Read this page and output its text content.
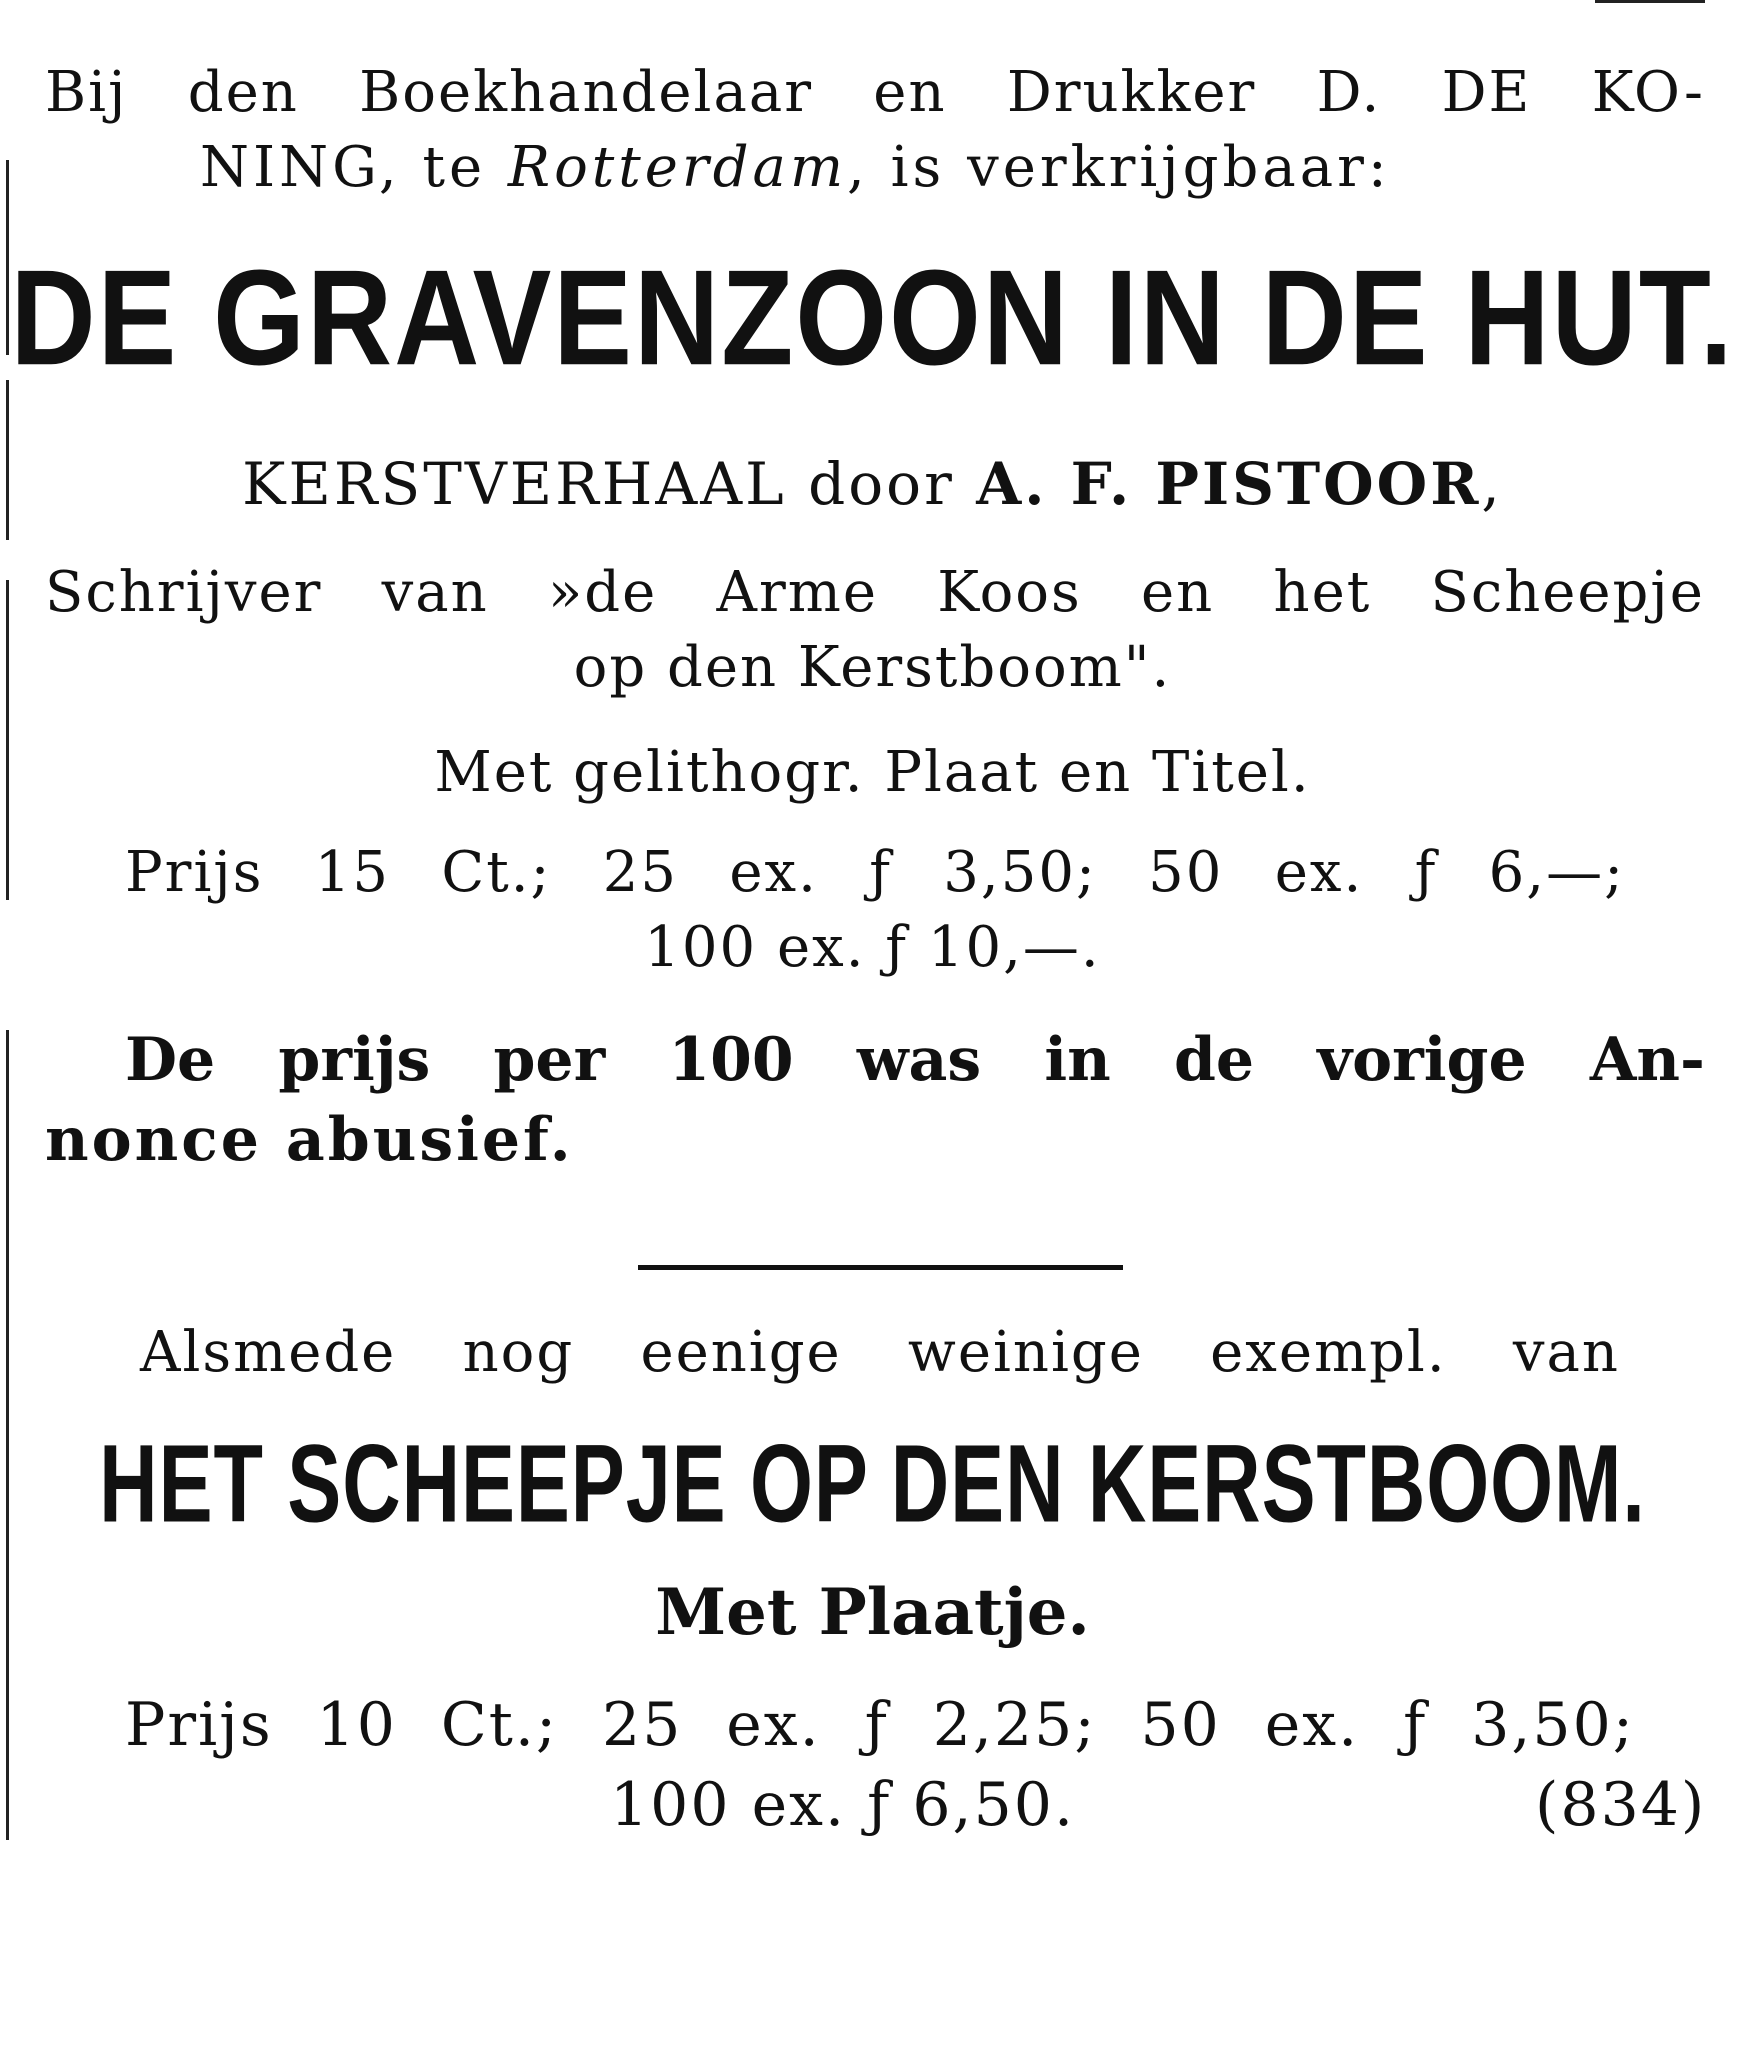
Bij den Boekhandelaar en Drukker D. DE KO-
NING, te Rotterdam, is verkrijgbaar:
DE GRAVENZOON IN DE HUT.
KERSTVERHAAL door A. F. PISTOOR,
Schrijver van »de Arme Koos en het Scheepje
op den Kerstboom".
Met gelithogr. Plaat en Titel.
Prijs 15 Ct.; 25 ex. ƒ 3,50; 50 ex. ƒ 6,—;
100 ex. ƒ 10,—.
De prijs per 100 was in de vorige An-
nonce abusief.
Alsmede nog eenige weinige exempl. van
HET SCHEEPJE OP DEN KERSTBOOM.
Met Plaatje.
Prijs 10 Ct.; 25 ex. ƒ 2,25; 50 ex. ƒ 3,50;
100 ex. ƒ 6,50.	(834)
